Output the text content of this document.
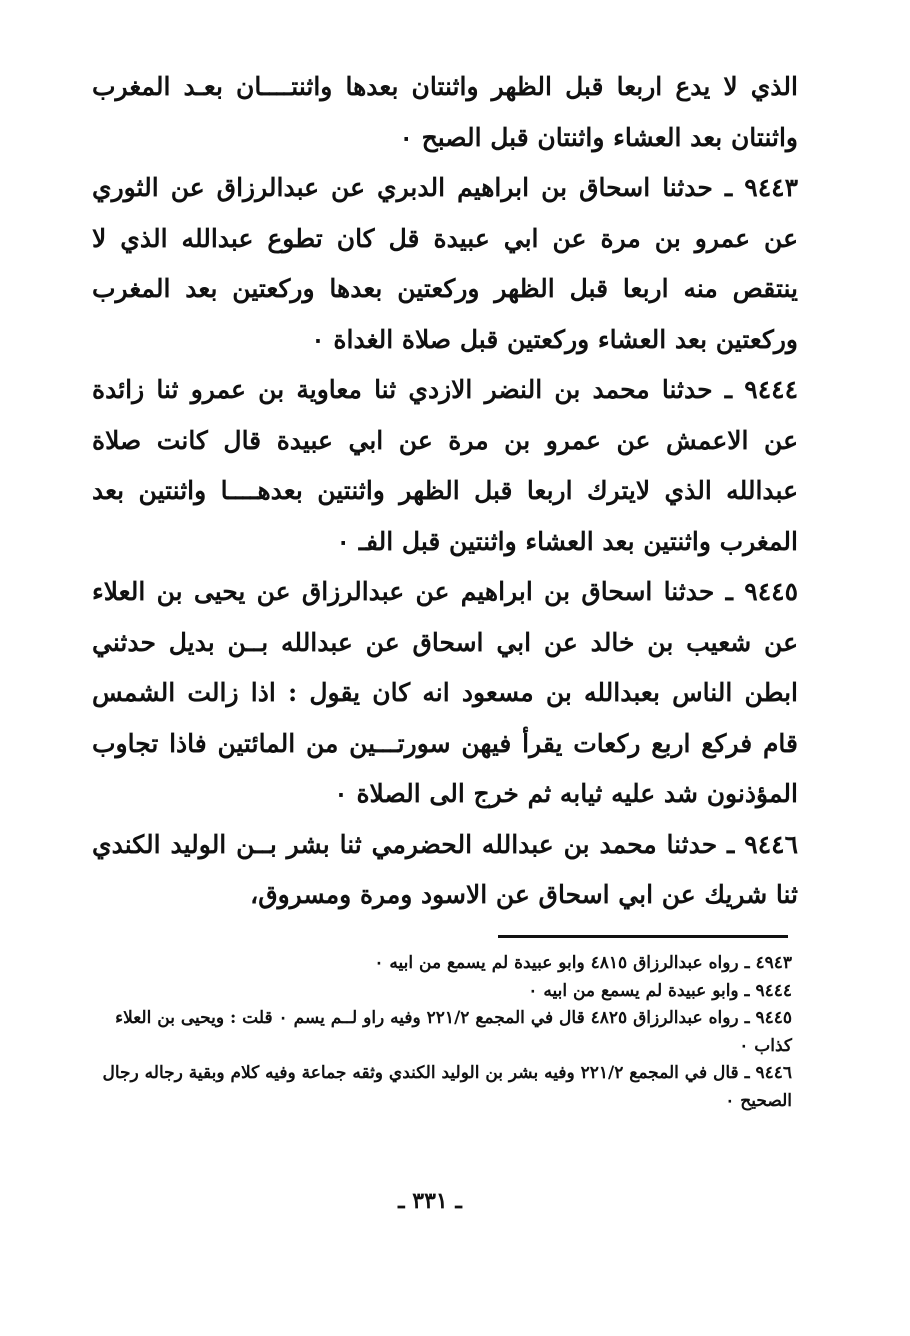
الذي لا يدع اربعا قبل الظهر واثنتان بعدها واثنتــــان بعـد المغرب واثنتان بعد العشاء واثنتان قبل الصبح ٠

٩٤٤٣ ـ حدثنا اسحاق بن ابراهيم الدبري عن عبدالرزاق عن الثوري عن عمرو بن مرة عن ابي عبيدة قل كان تطوع عبدالله الذي لا ينتقص منه اربعا قبل الظهر وركعتين بعدها وركعتين بعد المغرب وركعتين بعد العشاء وركعتين قبل صلاة الغداة ٠

٩٤٤٤ ـ حدثنا محمد بن النضر الازدي ثنا معاوية بن عمرو ثنا زائدة عن الاعمش عن عمرو بن مرة عن ابي عبيدة قال كانت صلاة عبدالله الذي لايترك اربعا قبل الظهر واثنتين بعدهــــا واثنتين بعد المغرب واثنتين بعد العشاء واثنتين قبل الفـ ٠

٩٤٤٥ ـ حدثنا اسحاق بن ابراهيم عن عبدالرزاق عن يحيى بن العلاء عن شعيب بن خالد عن ابي اسحاق عن عبدالله بــن بديل حدثني ابطن الناس بعبدالله بن مسعود انه كان يقول : اذا زالت الشمس قام فركع اربع ركعات يقرأ فيهن سورتـــين من المائتين فاذا تجاوب المؤذنون شد عليه ثيابه ثم خرج الى الصلاة ٠

٩٤٤٦ ـ حدثنا محمد بن عبدالله الحضرمي ثنا بشر بــن الوليد الكندي ثنا شريك عن ابي اسحاق عن الاسود ومرة ومسروق،

٤٩٤٣ ـ رواه عبدالرزاق ٤٨١٥ وابو عبيدة لم يسمع من ابيه ٠

٩٤٤٤ ـ وابو عبيدة لم يسمع من ابيه ٠

٩٤٤٥ ـ رواه عبدالرزاق ٤٨٢٥ قال في المجمع ٢٢١/٢ وفيه راو لــم يسم ٠ قلت : ويحيى بن العلاء كذاب ٠

٩٤٤٦ ـ قال في المجمع ٢٢١/٢ وفيه بشر بن الوليد الكندي وثقه جماعة وفيه كلام وبقية رجاله رجال الصحيح ٠

ـ ٣٣١ ـ
